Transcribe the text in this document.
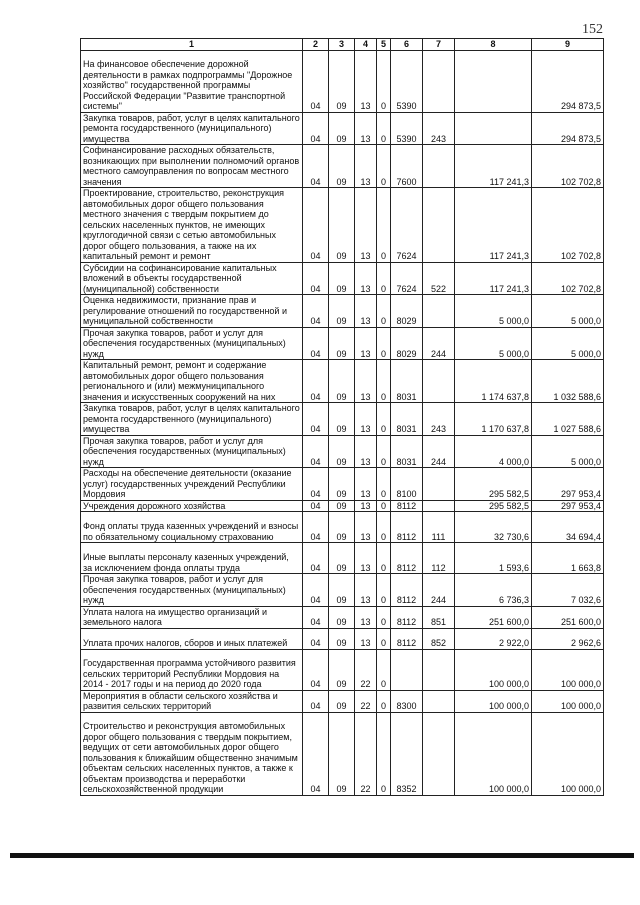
152
1	2	3	4	5	6	7	8	9
На финансовое обеспечение дорожной деятельности в рамках подпрограммы "Дорожное хозяйство" государственной программы Российской Федерации "Развитие транспортной системы"	04	09	13	0	5390			294 873,5
Закупка товаров, работ, услуг в целях капитального ремонта государственного (муниципального) имущества	04	09	13	0	5390	243		294 873,5
Софинансирование расходных обязательств, возникающих при выполнении полномочий органов местного самоуправления по вопросам местного значения	04	09	13	0	7600		117 241,3	102 702,8
Проектирование, строительство, реконструкция автомобильных дорог общего пользования местного значения с твердым покрытием до сельских населенных пунктов, не имеющих круглогодичной связи с сетью автомобильных дорог общего пользования, а также на их капитальный ремонт и ремонт	04	09	13	0	7624		117 241,3	102 702,8
Субсидии на софинансирование капитальных вложений в объекты государственной (муниципальной) собственности	04	09	13	0	7624	522	117 241,3	102 702,8
Оценка недвижимости, признание прав и регулирование отношений по государственной и муниципальной собственности	04	09	13	0	8029		5 000,0	5 000,0
Прочая закупка товаров, работ и услуг для обеспечения государственных (муниципальных) нужд	04	09	13	0	8029	244	5 000,0	5 000,0
Капитальный ремонт, ремонт и содержание автомобильных дорог общего пользования регионального и (или) межмуниципального значения и искусственных сооружений на них	04	09	13	0	8031		1 174 637,8	1 032 588,6
Закупка товаров, работ, услуг в целях капитального ремонта государственного (муниципального) имущества	04	09	13	0	8031	243	1 170 637,8	1 027 588,6
Прочая закупка товаров, работ и услуг для обеспечения государственных (муниципальных) нужд	04	09	13	0	8031	244	4 000,0	5 000,0
Расходы на обеспечение деятельности (оказание услуг) государственных учреждений Республики Мордовия	04	09	13	0	8100		295 582,5	297 953,4
Учреждения дорожного хозяйства	04	09	13	0	8112		295 582,5	297 953,4
Фонд оплаты труда казенных учреждений и взносы по обязательному социальному страхованию	04	09	13	0	8112	111	32 730,6	34 694,4
Иные выплаты персоналу казенных учреждений, за исключением фонда оплаты труда	04	09	13	0	8112	112	1 593,6	1 663,8
Прочая закупка товаров, работ и услуг для обеспечения государственных (муниципальных) нужд	04	09	13	0	8112	244	6 736,3	7 032,6
Уплата налога на имущество организаций и земельного налога	04	09	13	0	8112	851	251 600,0	251 600,0
Уплата прочих налогов, сборов и иных платежей	04	09	13	0	8112	852	2 922,0	2 962,6
Государственная программа устойчивого развития сельских территорий Республики Мордовия на 2014 - 2017 годы и на период до 2020 года	04	09	22	0			100 000,0	100 000,0
Мероприятия в области сельского хозяйства и развития сельских территорий	04	09	22	0	8300		100 000,0	100 000,0
Строительство и реконструкция автомобильных дорог общего пользования с твердым покрытием, ведущих от сети автомобильных дорог общего пользования к ближайшим общественно значимым объектам сельских населенных пунктов, а также к объектам производства и переработки сельскохозяйственной продукции	04	09	22	0	8352		100 000,0	100 000,0
